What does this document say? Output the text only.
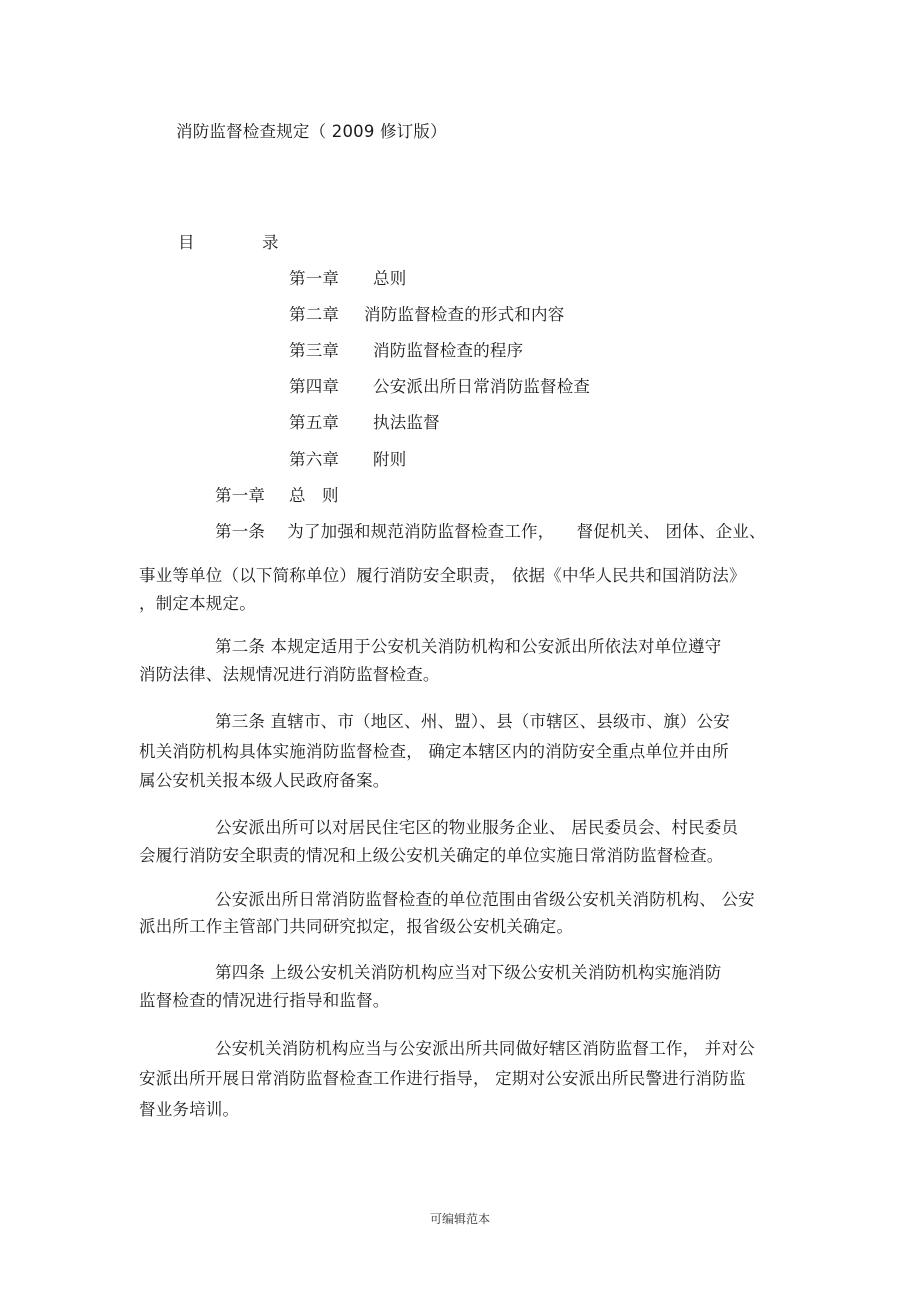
消防监督检查规定（ 2009 修订版）
目	录
第一章 总则
第二章 消防监督检查的形式和内容
第三章 消防监督检查的程序
第四章 公安派出所日常消防监督检查
第五章 执法监督
第六章 附则
第一章 总 则
第一条 　为了加强和规范消防监督检查工作， 　督促机关、 团体、企业、
事业等单位（以下简称单位）履行消防安全职责， 依据《中华人民共和国消防法》
，制定本规定。
第二条 本规定适用于公安机关消防机构和公安派出所依法对单位遵守
消防法律、法规情况进行消防监督检查。
第三条 直辖市、市（地区、州、盟）、县（市辖区、县级市、旗）公安
机关消防机构具体实施消防监督检查， 确定本辖区内的消防安全重点单位并由所
属公安机关报本级人民政府备案。
公安派出所可以对居民住宅区的物业服务企业、 居民委员会、村民委员
会履行消防安全职责的情况和上级公安机关确定的单位实施日常消防监督检查。
公安派出所日常消防监督检查的单位范围由省级公安机关消防机构、 公安
派出所工作主管部门共同研究拟定，报省级公安机关确定。
第四条 上级公安机关消防机构应当对下级公安机关消防机构实施消防
监督检查的情况进行指导和监督。
公安机关消防机构应当与公安派出所共同做好辖区消防监督工作， 并对公
安派出所开展日常消防监督检查工作进行指导， 定期对公安派出所民警进行消防监
督业务培训。
可编辑范本
